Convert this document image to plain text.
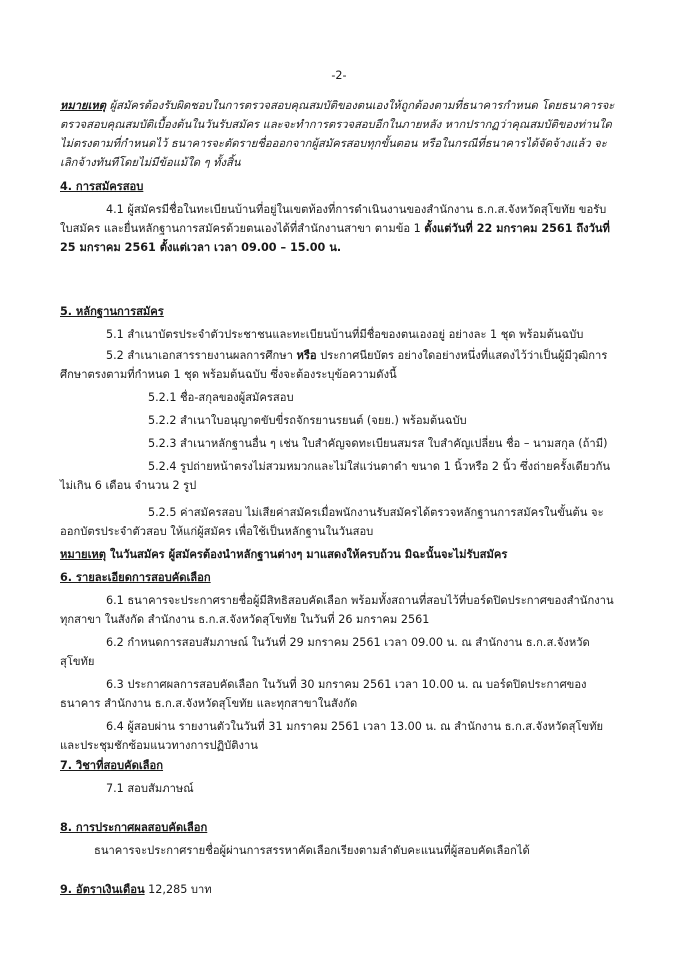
-2-

หมายเหตุ ผู้สมัครต้องรับผิดชอบในการตรวจสอบคุณสมบัติของตนเองให้ถูกต้องตามที่ธนาคารกำหนด โดยธนาคารจะตรวจสอบคุณสมบัติเบื้องต้นในวันรับสมัคร และจะทำการตรวจสอบอีกในภายหลัง หากปรากฏว่าคุณสมบัติของท่านใดไม่ตรงตามที่กำหนดไว้ ธนาคารจะตัดรายชื่อออกจากผู้สมัครสอบทุกขั้นตอน หรือในกรณีที่ธนาคารได้จัดจ้างแล้ว จะเลิกจ้างทันทีโดยไม่มีข้อแม้ใด ๆ ทั้งสิ้น

4. การสมัครสอบ

4.1 ผู้สมัครมีชื่อในทะเบียนบ้านที่อยู่ในเขตท้องที่การดำเนินงานของสำนักงาน ธ.ก.ส.จังหวัดสุโขทัย ขอรับใบสมัคร และยื่นหลักฐานการสมัครด้วยตนเองได้ที่สำนักงานสาขา ตามข้อ 1 ตั้งแต่วันที่ 22 มกราคม 2561 ถึงวันที่ 25 มกราคม 2561 ตั้งแต่เวลา เวลา 09.00 – 15.00 น.

5. หลักฐานการสมัคร

5.1 สำเนาบัตรประจำตัวประชาชนและทะเบียนบ้านที่มีชื่อของตนเองอยู่ อย่างละ 1 ชุด พร้อมต้นฉบับ

5.2 สำเนาเอกสารรายงานผลการศึกษา หรือ ประกาศนียบัตร อย่างใดอย่างหนึ่งที่แสดงไว้ว่าเป็นผู้มีวุฒิการศึกษาตรงตามที่กำหนด 1 ชุด พร้อมต้นฉบับ ซึ่งจะต้องระบุข้อความดังนี้

5.2.1 ชื่อ-สกุลของผู้สมัครสอบ

5.2.2 สำเนาใบอนุญาตขับขี่รถจักรยานรยนต์ (จยย.) พร้อมต้นฉบับ

5.2.3 สำเนาหลักฐานอื่น ๆ เช่น ใบสำคัญจดทะเบียนสมรส ใบสำคัญเปลี่ยน ชื่อ – นามสกุล (ถ้ามี)

5.2.4 รูปถ่ายหน้าตรงไม่สวมหมวกและไม่ใส่แว่นตาดำ ขนาด 1 นิ้วหรือ 2 นิ้ว ซึ่งถ่ายครั้งเดียวกันไม่เกิน 6 เดือน จำนวน 2 รูป

5.2.5 ค่าสมัครสอบ ไม่เสียค่าสมัครเมื่อพนักงานรับสมัครได้ตรวจหลักฐานการสมัครในขั้นต้น จะออกบัตรประจำตัวสอบ ให้แก่ผู้สมัคร เพื่อใช้เป็นหลักฐานในวันสอบ

หมายเหตุ ในวันสมัคร ผู้สมัครต้องนำหลักฐานต่างๆ มาแสดงให้ครบถ้วน มิฉะนั้นจะไม่รับสมัคร

6. รายละเอียดการสอบคัดเลือก

6.1 ธนาคารจะประกาศรายชื่อผู้มีสิทธิสอบคัดเลือก พร้อมทั้งสถานที่สอบไว้ที่บอร์ดปิดประกาศของสำนักงานทุกสาขา ในสังกัด สำนักงาน ธ.ก.ส.จังหวัดสุโขทัย ในวันที่ 26 มกราคม 2561

6.2 กำหนดการสอบสัมภาษณ์ ในวันที่ 29 มกราคม 2561 เวลา 09.00 น. ณ สำนักงาน ธ.ก.ส.จังหวัดสุโขทัย

6.3 ประกาศผลการสอบคัดเลือก ในวันที่ 30 มกราคม 2561 เวลา 10.00 น. ณ บอร์ดปิดประกาศของธนาคาร สำนักงาน ธ.ก.ส.จังหวัดสุโขทัย และทุกสาขาในสังกัด

6.4 ผู้สอบผ่าน รายงานตัวในวันที่ 31 มกราคม 2561 เวลา 13.00 น. ณ สำนักงาน ธ.ก.ส.จังหวัดสุโขทัย และประชุมชักซ้อมแนวทางการปฏิบัติงาน

7. วิชาที่สอบคัดเลือก

7.1 สอบสัมภาษณ์

8. การประกาศผลสอบคัดเลือก

ธนาคารจะประกาศรายชื่อผู้ผ่านการสรรหาคัดเลือกเรียงตามลำดับคะแนนที่ผู้สอบคัดเลือกได้

9. อัตราเงินเดือน 12,285 บาท
